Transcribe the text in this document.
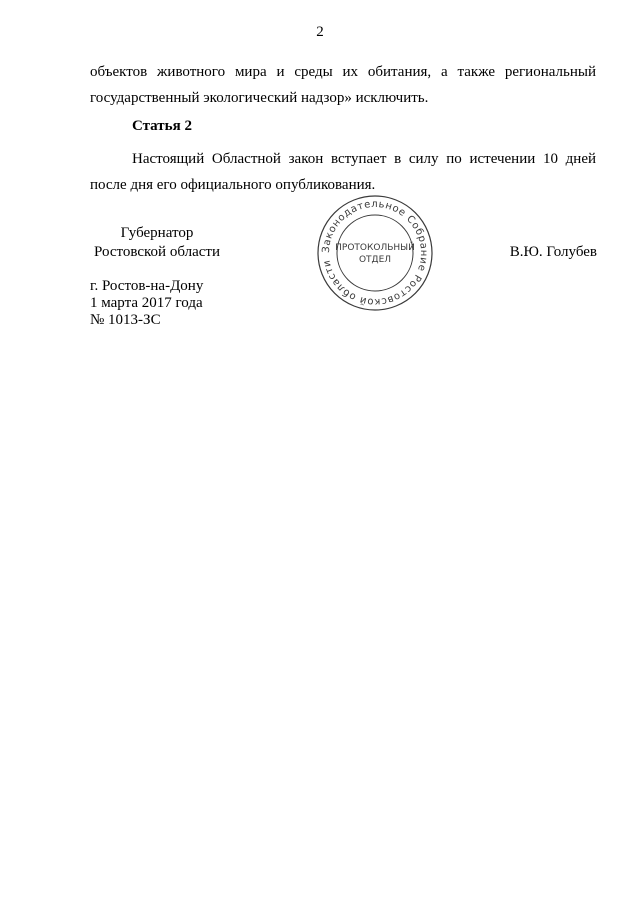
2
объектов животного мира и среды их обитания, а также региональный
государственный экологический надзор» исключить.
Статья 2
Настоящий Областной закон вступает в силу по истечении 10 дней
после дня его официального опубликования.
Губернатор
Ростовской области	Законодательное Собрание Ростовской области
ПРОТОКОЛЬНЫЙ
ОТДЕЛ	В.Ю. Голубев
г. Ростов-на-Дону
1 марта 2017 года
№ 1013-ЗС
